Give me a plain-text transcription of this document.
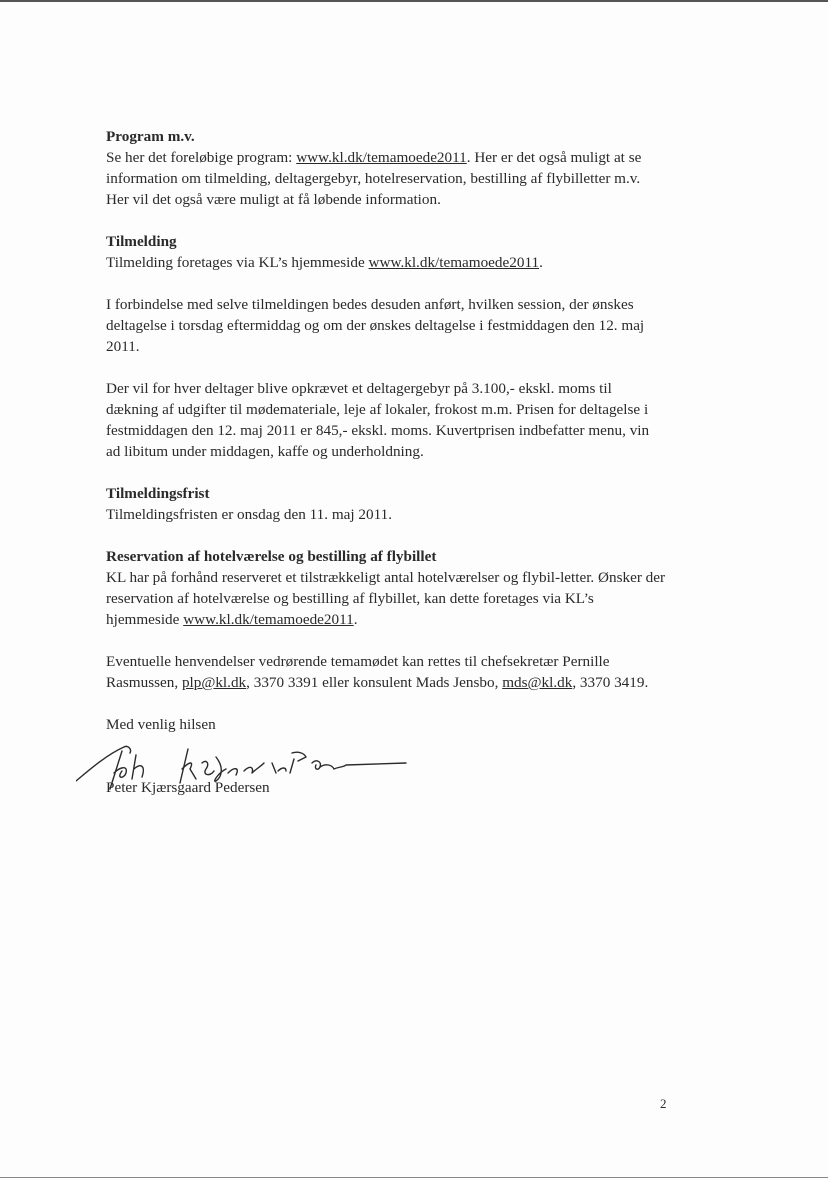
Program m.v.

Se her det foreløbige program: www.kl.dk/temamoede2011. Her er det også muligt at se information om tilmelding, deltagergebyr, hotelreservation, bestilling af flybilletter m.v. Her vil det også være muligt at få løbende information.

Tilmelding

Tilmelding foretages via KL’s hjemmeside www.kl.dk/temamoede2011.

I forbindelse med selve tilmeldingen bedes desuden anført, hvilken session, der ønskes deltagelse i torsdag eftermiddag og om der ønskes deltagelse i festmiddagen den 12. maj 2011.

Der vil for hver deltager blive opkrævet et deltagergebyr på 3.100,- ekskl. moms til dækning af udgifter til mødemateriale, leje af lokaler, frokost m.m. Prisen for deltagelse i festmiddagen den 12. maj 2011 er 845,- ekskl. moms. Kuvertprisen indbefatter menu, vin ad libitum under middagen, kaffe og underholdning.

Tilmeldingsfrist

Tilmeldingsfristen er onsdag den 11. maj 2011.

Reservation af hotelværelse og bestilling af flybillet

KL har på forhånd reserveret et tilstrækkeligt antal hotelværelser og flybil-letter. Ønsker der reservation af hotelværelse og bestilling af flybillet, kan dette foretages via KL’s hjemmeside www.kl.dk/temamoede2011.

Eventuelle henvendelser vedrørende temamødet kan rettes til chefsekretær Pernille Rasmussen, plp@kl.dk, 3370 3391 eller konsulent Mads Jensbo, mds@kl.dk, 3370 3419.

Med venlig hilsen

Peter Kjærsgaard Pedersen

2
